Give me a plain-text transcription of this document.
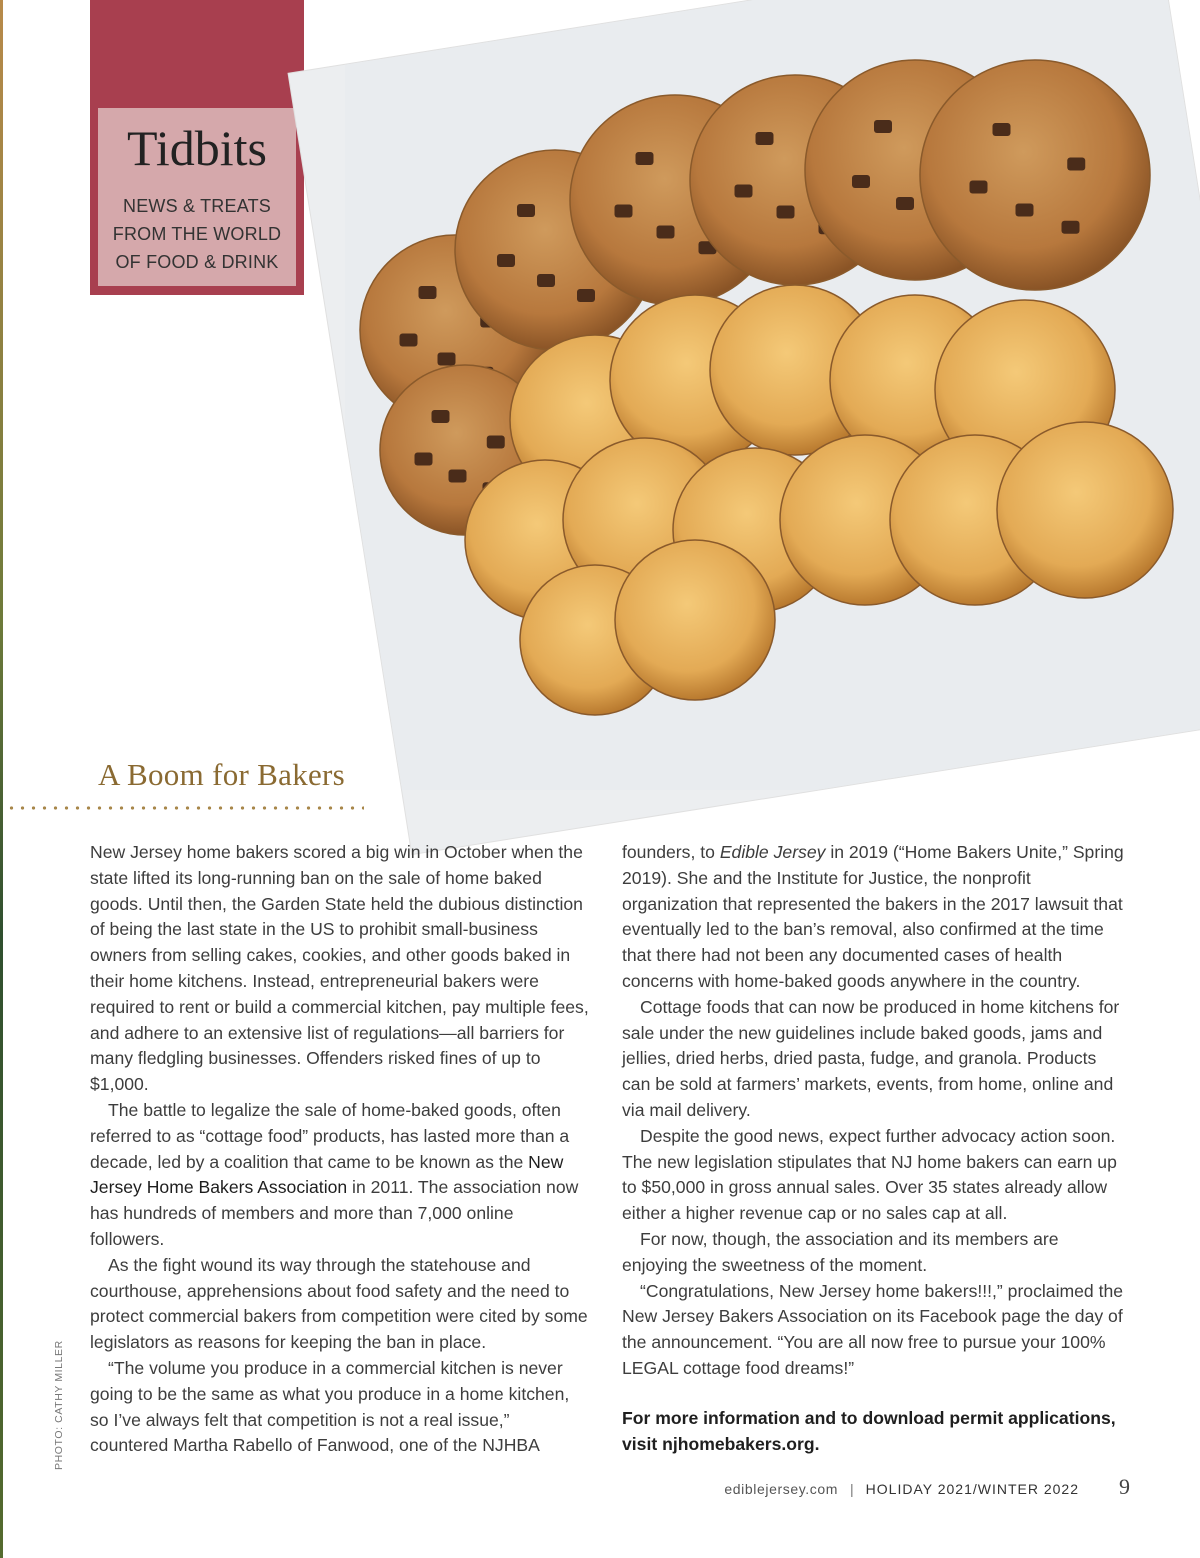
Tidbits
NEWS & TREATS
FROM THE WORLD
OF FOOD & DRINK
A Boom for Bakers

New Jersey home bakers scored a big win in October when the state lifted its long-running ban on the sale of home baked goods. Until then, the Garden State held the dubious distinction of being the last state in the US to prohibit small-business owners from selling cakes, cookies, and other goods baked in their home kitchens. Instead, entrepreneurial bakers were required to rent or build a commercial kitchen, pay multiple fees, and adhere to an extensive list of regulations—all barriers for many fledgling businesses. Offenders risked fines of up to $1,000.

The battle to legalize the sale of home-baked goods, often referred to as “cottage food” products, has lasted more than a decade, led by a coalition that came to be known as the New Jersey Home Bakers Association in 2011. The association now has hundreds of members and more than 7,000 online followers.

As the fight wound its way through the statehouse and courthouse, apprehensions about food safety and the need to protect commercial bakers from competition were cited by some legislators as reasons for keeping the ban in place.

“The volume you produce in a commercial kitchen is never going to be the same as what you produce in a home kitchen, so I’ve always felt that competition is not a real issue,” countered Martha Rabello of Fanwood, one of the NJHBA

founders, to Edible Jersey in 2019 (“Home Bakers Unite,” Spring 2019). She and the Institute for Justice, the nonprofit organization that represented the bakers in the 2017 lawsuit that eventually led to the ban’s removal, also confirmed at the time that there had not been any documented cases of health concerns with home-baked goods anywhere in the country.

Cottage foods that can now be produced in home kitchens for sale under the new guidelines include baked goods, jams and jellies, dried herbs, dried pasta, fudge, and granola. Products can be sold at farmers’ markets, events, from home, online and via mail delivery.

Despite the good news, expect further advocacy action soon. The new legislation stipulates that NJ home bakers can earn up to $50,000 in gross annual sales. Over 35 states already allow either a higher revenue cap or no sales cap at all.

For now, though, the association and its members are enjoying the sweetness of the moment.

“Congratulations, New Jersey home bakers!!!,” proclaimed the New Jersey Bakers Association on its Facebook page the day of the announcement. “You are all now free to pursue your 100% LEGAL cottage food dreams!”

For more information and to download permit applications, visit njhomebakers.org.

PHOTO: CATHY MILLER
ediblejersey.com | HOLIDAY 2021/WINTER 2022 9
